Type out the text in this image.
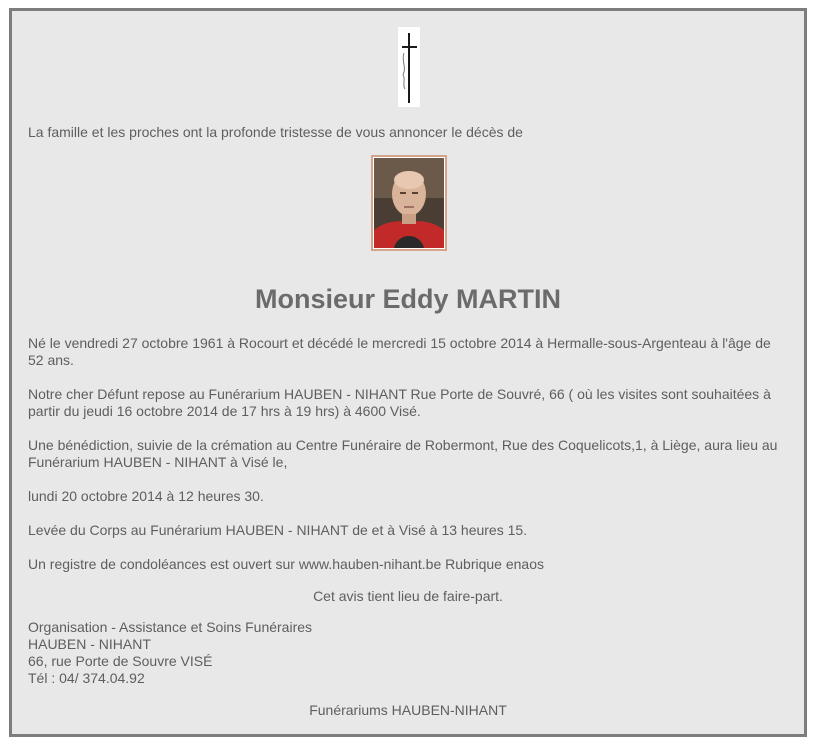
La famille et les proches ont la profonde tristesse de vous annoncer le décès de
Monsieur Eddy MARTIN
Né le vendredi 27 octobre 1961 à Rocourt et décédé le mercredi 15 octobre 2014 à Hermalle-sous-Argenteau à l'âge de 52 ans.
Notre cher Défunt repose au Funérarium HAUBEN - NIHANT Rue Porte de Souvré, 66 ( où les visites sont souhaitées à partir du jeudi 16 octobre 2014 de 17 hrs à 19 hrs) à 4600 Visé.
Une bénédiction, suivie de la crémation au Centre Funéraire de Robermont, Rue des Coquelicots,1, à Liège, aura lieu au Funérarium HAUBEN - NIHANT à Visé le,
lundi 20 octobre 2014 à 12 heures 30.
Levée du Corps au Funérarium HAUBEN - NIHANT de et à Visé à 13 heures 15.
Un registre de condoléances est ouvert sur www.hauben-nihant.be Rubrique enaos
Cet avis tient lieu de faire-part.
Organisation - Assistance et Soins Funéraires
HAUBEN - NIHANT
66, rue Porte de Souvre VISÉ
Tél : 04/ 374.04.92
Funérariums HAUBEN-NIHANT
